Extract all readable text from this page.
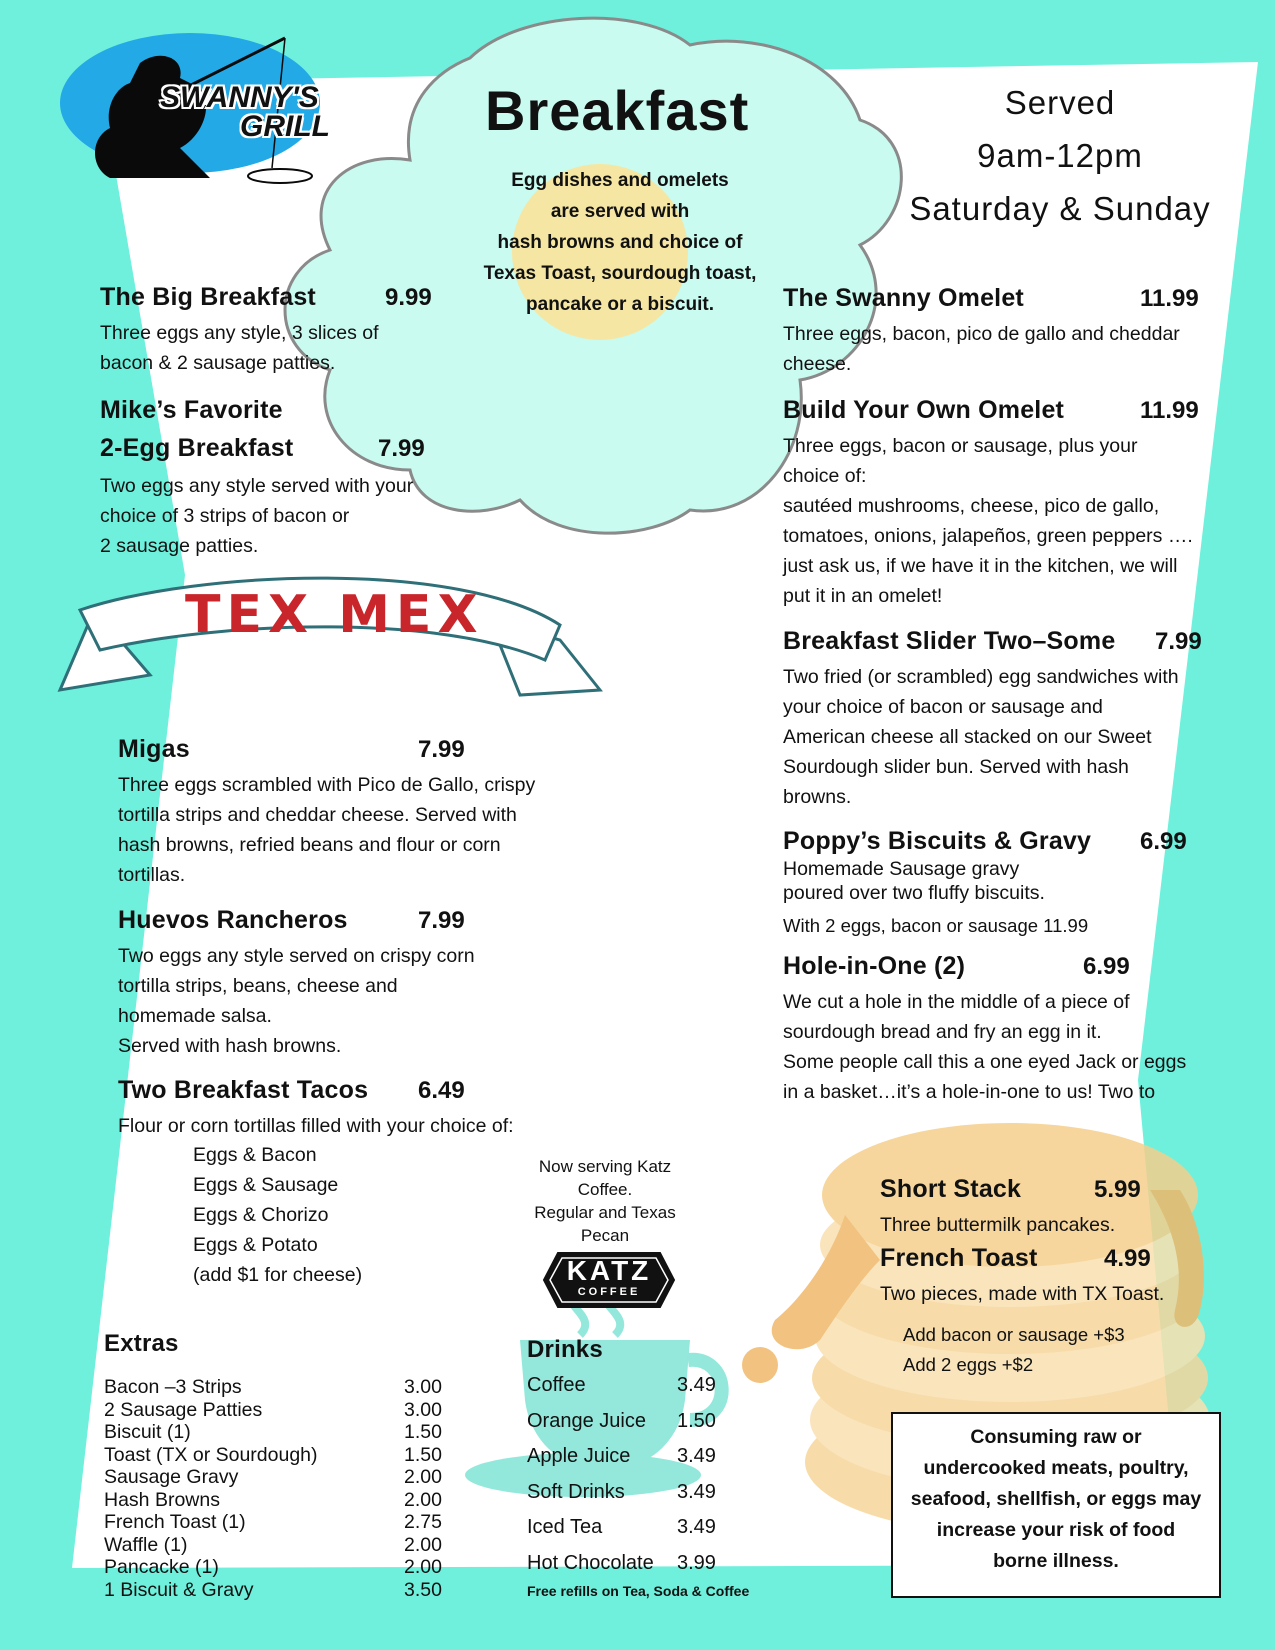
SWANNY'S
GRILL	Breakfast	Served
9am-12pm
Saturday & Sunday
Egg dishes and omelets
are served with
hash browns and choice of
Texas Toast, sourdough toast,
pancake or a biscuit.
The Big Breakfast	9.99
Three eggs any style, 3 slices of
bacon & 2 sausage patties.
Mike’s Favorite
2-Egg Breakfast	7.99
Two eggs any style served with your
choice of 3 strips of bacon or
2 sausage patties.
TEX MEX
Migas	7.99
Three eggs scrambled with Pico de Gallo, crispy
tortilla strips and cheddar cheese. Served with
hash browns, refried beans and flour or corn
tortillas.
Huevos Rancheros	7.99
Two eggs any style served on crispy corn
tortilla strips, beans, cheese and
homemade salsa.
Served with hash browns.
Two Breakfast Tacos 6.49
Flour or corn tortillas filled with your choice of:
Eggs & Bacon
Eggs & Sausage
Eggs & Chorizo
Eggs & Potato
(add $1 for cheese)
Now serving Katz
Coffee.
Regular and Texas
Pecan
KATZ
COFFEE
Extras
Bacon –3 Strips	3.00
2 Sausage Patties	3.00
Biscuit (1)	1.50
Toast (TX or Sourdough)	1.50
Sausage Gravy	2.00
Hash Browns	2.00
French Toast (1)	2.75
Waffle (1)	2.00
Pancacke (1)	2.00
1 Biscuit & Gravy	3.50
Drinks
Coffee	3.49
Orange Juice 1.50
Apple Juice 3.49
Soft Drinks	3.49
Iced Tea	3.49
Hot Chocolate 3.99
Free refills on Tea, Soda & Coffee
The Swanny Omelet	11.99
Three eggs, bacon, pico de gallo and cheddar
cheese.
Build Your Own Omelet	11.99
Three eggs, bacon or sausage, plus your
choice of:
sautéed mushrooms, cheese, pico de gallo,
tomatoes, onions, jalapeños, green peppers ….
just ask us, if we have it in the kitchen, we will
put it in an omelet!
Breakfast Slider Two–Some 7.99
Two fried (or scrambled) egg sandwiches with
your choice of bacon or sausage and
American cheese all stacked on our Sweet
Sourdough slider bun. Served with hash
browns.
Poppy’s Biscuits & Gravy 6.99
Homemade Sausage gravy
poured over two fluffy biscuits.
With 2 eggs, bacon or sausage 11.99
Hole-in-One (2)	6.99
We cut a hole in the middle of a piece of
sourdough bread and fry an egg in it.
Some people call this a one eyed Jack or eggs
in a basket…it’s a hole-in-one to us! Two to
Short Stack	5.99
Three buttermilk pancakes.
French Toast	4.99
Two pieces, made with TX Toast.
Add bacon or sausage +$3
Add 2 eggs +$2
Consuming raw or
undercooked meats, poultry,
seafood, shellfish, or eggs may
increase your risk of food
borne illness.
